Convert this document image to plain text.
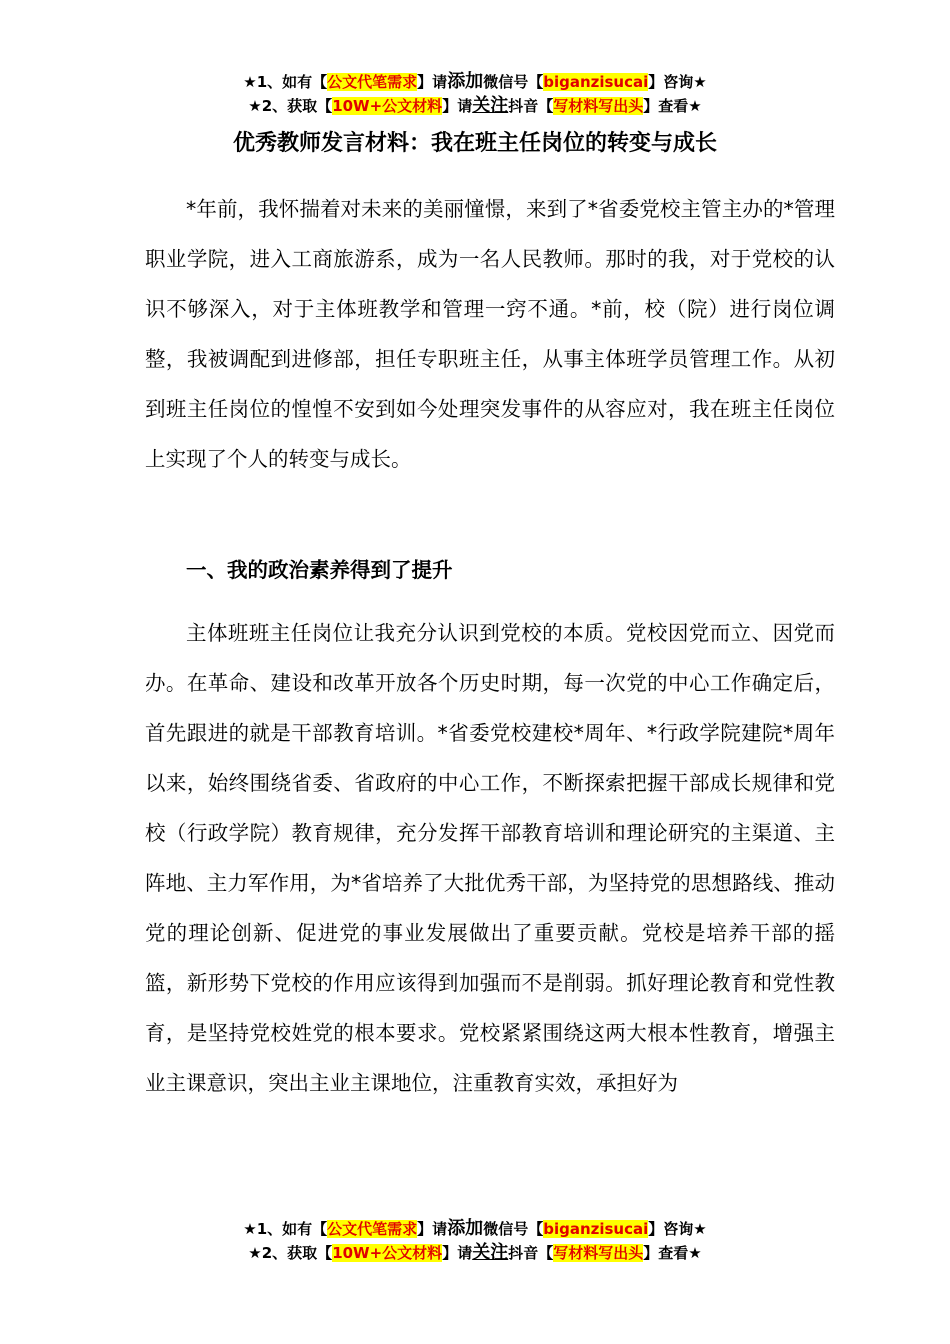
★1、如有【公文代笔需求】请添加微信号【biganzisucai】咨询★
★2、获取【10W+公文材料】请关注抖音【写材料写出头】查看★
优秀教师发言材料：我在班主任岗位的转变与成长

*年前，我怀揣着对未来的美丽憧憬，来到了*省委党校主管主办的*管理职业学院，进入工商旅游系，成为一名人民教师。那时的我，对于党校的认识不够深入，对于主体班教学和管理一窍不通。*前，校（院）进行岗位调整，我被调配到进修部，担任专职班主任，从事主体班学员管理工作。从初到班主任岗位的惶惶不安到如今处理突发事件的从容应对，我在班主任岗位上实现了个人的转变与成长。

一、我的政治素养得到了提升

主体班班主任岗位让我充分认识到党校的本质。党校因党而立、因党而办。在革命、建设和改革开放各个历史时期，每一次党的中心工作确定后，首先跟进的就是干部教育培训。*省委党校建校*周年、*行政学院建院*周年以来，始终围绕省委、省政府的中心工作，不断探索把握干部成长规律和党校（行政学院）教育规律，充分发挥干部教育培训和理论研究的主渠道、主阵地、主力军作用，为*省培养了大批优秀干部，为坚持党的思想路线、推动党的理论创新、促进党的事业发展做出了重要贡献。党校是培养干部的摇篮，新形势下党校的作用应该得到加强而不是削弱。抓好理论教育和党性教育，是坚持党校姓党的根本要求。党校紧紧围绕这两大根本性教育，增强主业主课意识，突出主业主课地位，注重教育实效，承担好为

★1、如有【公文代笔需求】请添加微信号【biganzisucai】咨询★
★2、获取【10W+公文材料】请关注抖音【写材料写出头】查看★
